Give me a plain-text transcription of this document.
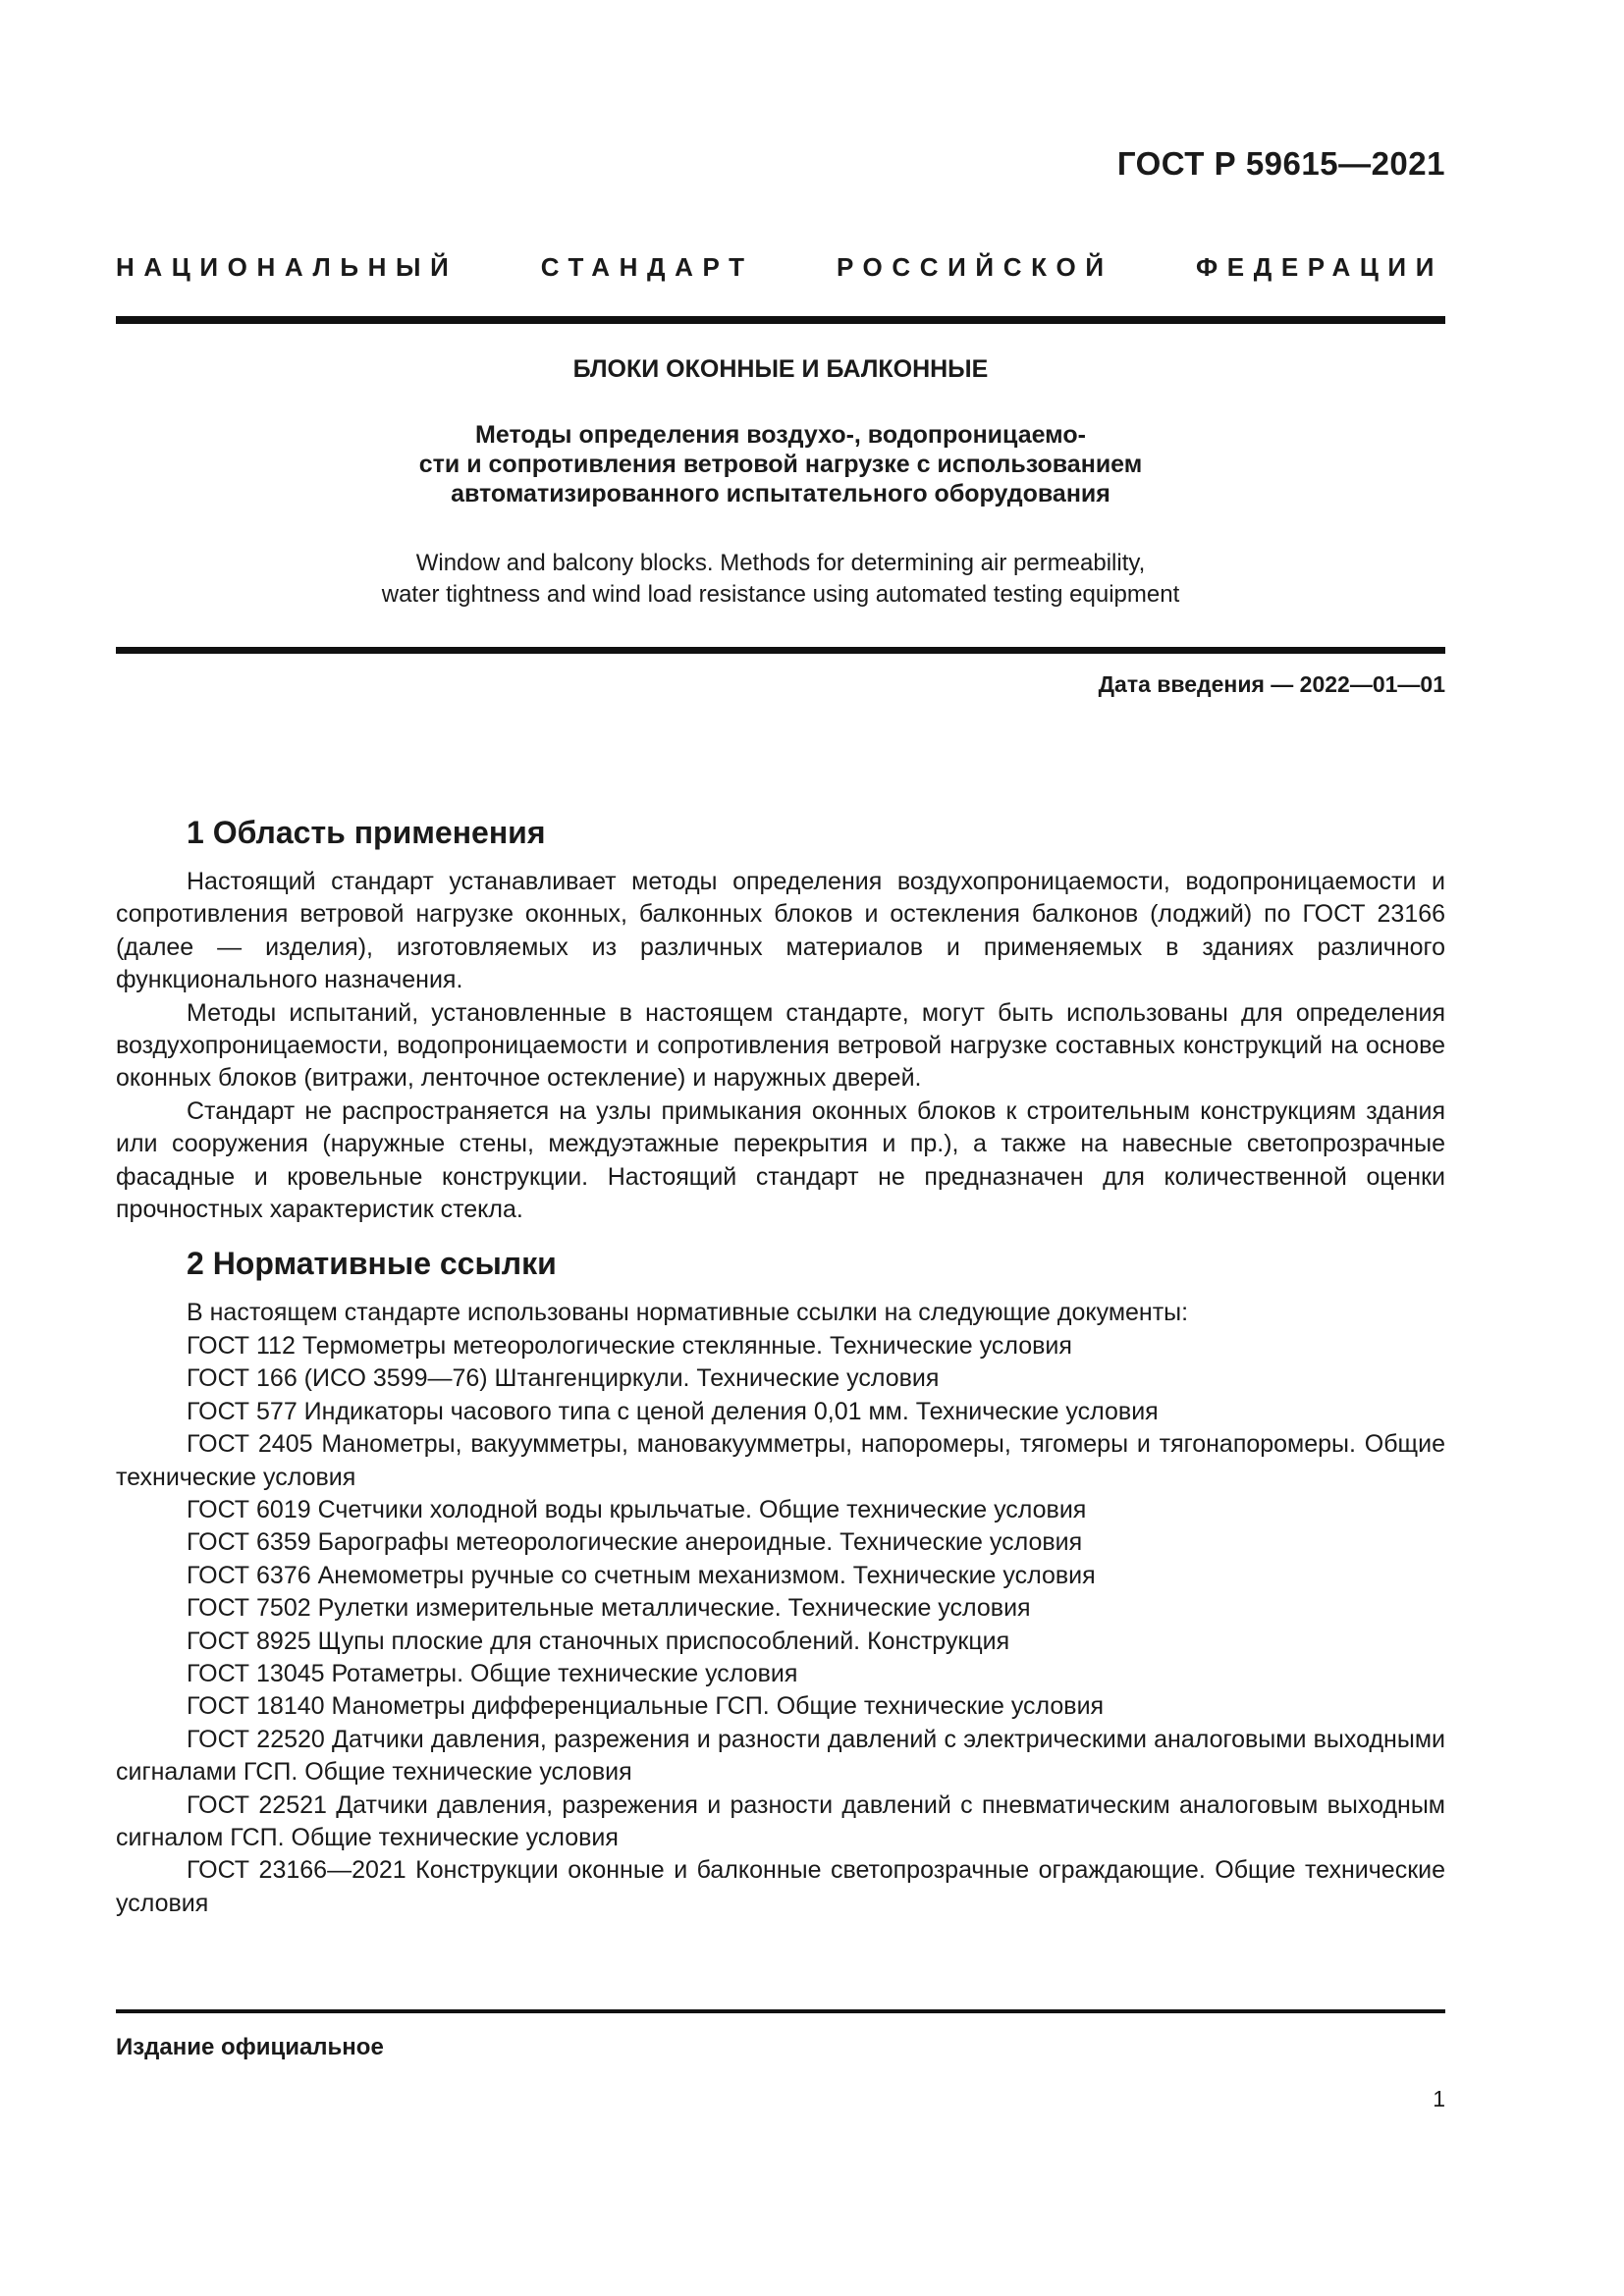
ГОСТ Р 59615—2021
НАЦИОНАЛЬНЫЙ СТАНДАРТ РОССИЙСКОЙ ФЕДЕРАЦИИ
БЛОКИ ОКОННЫЕ И БАЛКОННЫЕ
Методы определения воздухо-, водопроницаемо-
сти и сопротивления ветровой нагрузке с использованием
автоматизированного испытательного оборудования
Window and balcony blocks. Methods for determining air permeability,
water tightness and wind load resistance using automated testing equipment
Дата введения — 2022—01—01
1 Область применения

Настоящий стандарт устанавливает методы определения воздухопроницаемости, водопроницаемости и сопротивления ветровой нагрузке оконных, балконных блоков и остекления балконов (лоджий) по ГОСТ 23166 (далее — изделия), изготовляемых из различных материалов и применяемых в зданиях различного функционального назначения.

Методы испытаний, установленные в настоящем стандарте, могут быть использованы для определения воздухопроницаемости, водопроницаемости и сопротивления ветровой нагрузке составных конструкций на основе оконных блоков (витражи, ленточное остекление) и наружных дверей.

Стандарт не распространяется на узлы примыкания оконных блоков к строительным конструкциям здания или сооружения (наружные стены, междуэтажные перекрытия и пр.), а также на навесные светопрозрачные фасадные и кровельные конструкции. Настоящий стандарт не предназначен для количественной оценки прочностных характеристик стекла.

2 Нормативные ссылки
В настоящем стандарте использованы нормативные ссылки на следующие документы:

ГОСТ 112 Термометры метеорологические стеклянные. Технические условия

ГОСТ 166 (ИСО 3599—76) Штангенциркули. Технические условия

ГОСТ 577 Индикаторы часового типа с ценой деления 0,01 мм. Технические условия

ГОСТ 2405 Манометры, вакуумметры, мановакуумметры, напоромеры, тягомеры и тягонапоромеры. Общие технические условия

ГОСТ 6019 Счетчики холодной воды крыльчатые. Общие технические условия

ГОСТ 6359 Барографы метеорологические анероидные. Технические условия

ГОСТ 6376 Анемометры ручные со счетным механизмом. Технические условия

ГОСТ 7502 Рулетки измерительные металлические. Технические условия

ГОСТ 8925 Щупы плоские для станочных приспособлений. Конструкция

ГОСТ 13045 Ротаметры. Общие технические условия

ГОСТ 18140 Манометры дифференциальные ГСП. Общие технические условия

ГОСТ 22520 Датчики давления, разрежения и разности давлений с электрическими аналоговыми выходными сигналами ГСП. Общие технические условия

ГОСТ 22521 Датчики давления, разрежения и разности давлений с пневматическим аналоговым выходным сигналом ГСП. Общие технические условия

ГОСТ 23166—2021 Конструкции оконные и балконные светопрозрачные ограждающие. Общие технические условия

Издание официальное
1
